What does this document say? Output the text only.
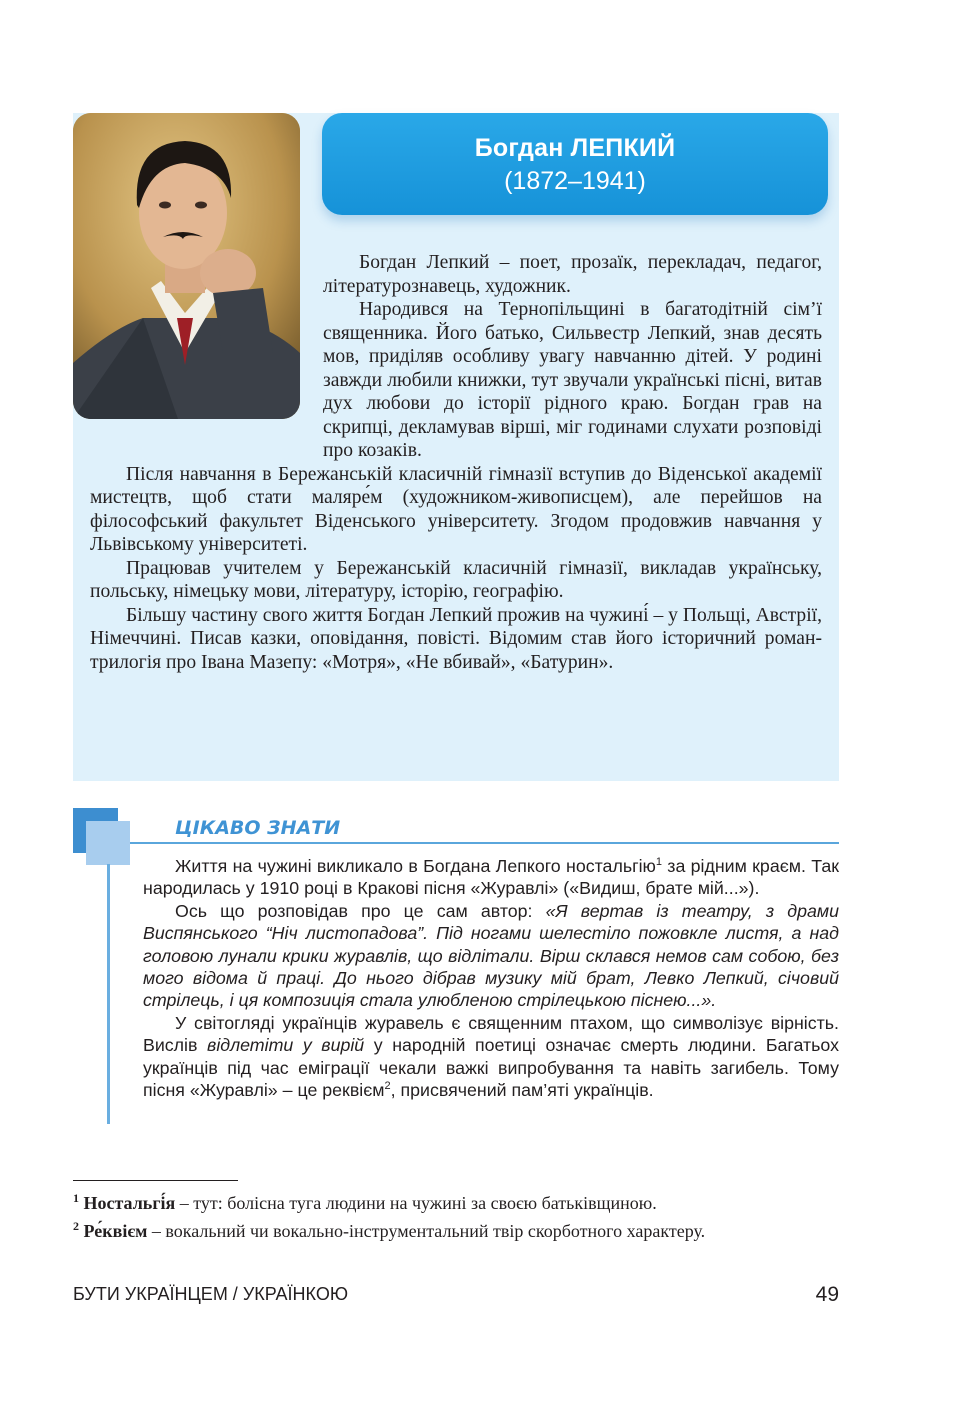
Богдан ЛЕПКИЙ
(1872–1941)

Богдан Лепкий – поет, прозаїк, перекладач, педагог, літературознавець, художник.

Народився на Тернопільщині в багатодітній сім’ї священника. Його батько, Сильвестр Лепкий, знав десять мов, приділяв особливу увагу навчанню дітей. У родині завжди любили книжки, тут звучали українські пісні, витав дух любови до історії рідного краю. Богдан грав на скрипці, декламував вірші, міг годинами слухати розповіді про козаків.

Після навчання в Бережанській класичній гімназії вступив до Віденської академії мистецтв, щоб стати маляре́м (художником-живописцем), але перейшов на філософський факультет Віденського університету. Згодом продовжив навчання у Львівському університеті.

Працював учителем у Бережанській класичній гімназії, викладав українську, польську, німецьку мови, літературу, історію, географію.

Більшу частину свого життя Богдан Лепкий прожив на чужині́ – у Польщі, Австрії, Німеччині. Писав казки, оповідання, повісті. Відомим став його історичний роман-трилогія про Івана Мазепу: «Мотря», «Не вбивай», «Батурин».

ЦІКАВО ЗНАТИ

Життя на чужині викликало в Богдана Лепкого ностальгію$^1$ за рідним краєм. Так народилась у 1910 році в Кракові пісня «Журавлі» («Видиш, брате мій...»).

Ось що розповідав про це сам автор: «Я вертав із театру, з драми Виспянського “Ніч листопадова”. Під ногами шелестіло пожовкле листя, а над головою лунали крики журавлів, що відлітали. Вірш склався немов сам собою, без мого відома й праці. До нього дібрав музику мій брат, Левко Лепкий, січовий стрілець, і ця композиція стала улюбленою стрілецькою піснею...».

У світогляді українців журавель є священним птахом, що символізує вірність. Вислів відлетіти у вирій у народній поетиці означає смерть людини. Багатьох українців під час еміграції чекали важкі випробування та навіть загибель. Тому пісня «Журавлі» – це реквієм$^2$, присвячений пам’яті українців.

$^1$ Ностальгі́я – тут: болісна туга людини на чужині за своєю батьківщиною.

$^2$ Ре́квієм – вокальний чи вокально-інструментальний твір скорботного характеру.

БУТИ УКРАЇНЦЕМ / УКРАЇНКОЮ	49
